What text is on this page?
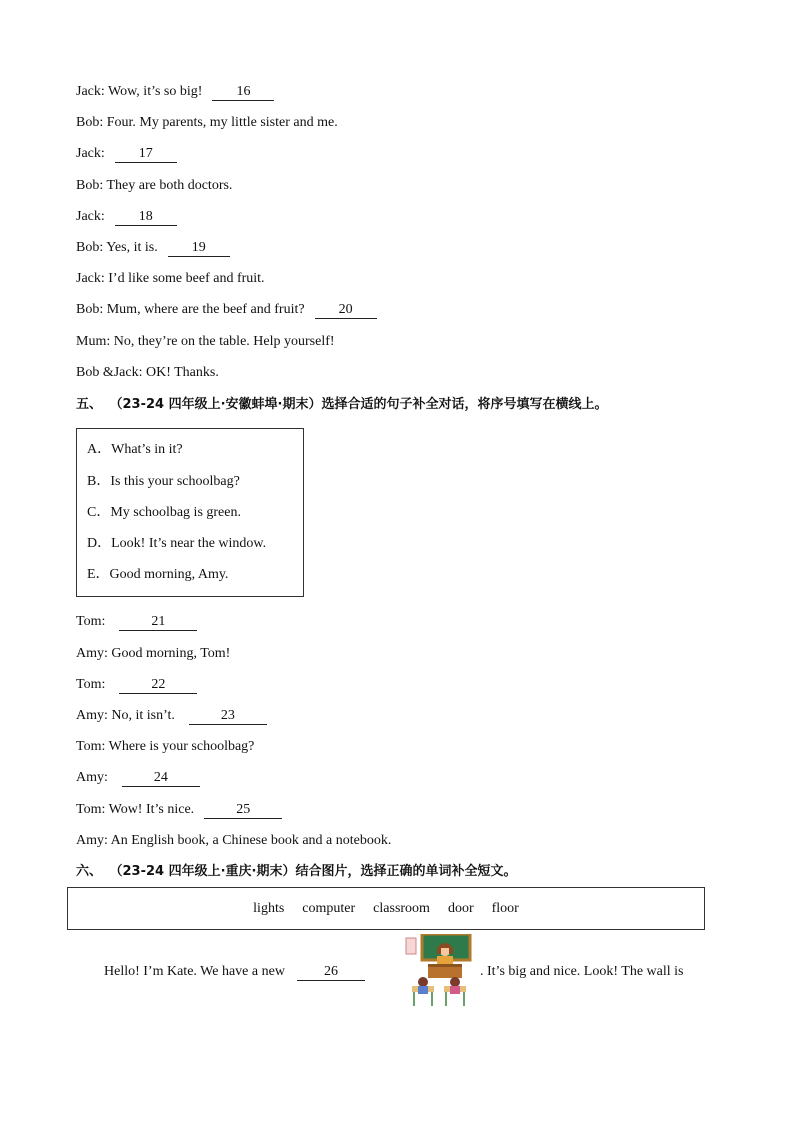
Jack: Wow, it’s so big! 16
Bob: Four. My parents, my little sister and me.
Jack: 17
Bob: They are both doctors.
Jack: 18
Bob: Yes, it is. 19
Jack: I’d like some beef and fruit.
Bob: Mum, where are the beef and fruit? 20
Mum: No, they’re on the table. Help yourself!
Bob &Jack: OK! Thanks.
五、 （23-24 四年级上·安徽蚌埠·期末）选择合适的句子补全对话，将序号填写在横线上。
A．What’s in it?
B．Is this your schoolbag?
C．My schoolbag is green.
D．Look! It’s near the window.
E．Good morning, Amy.
Tom:	21
Amy: Good morning, Tom!
Tom:	22
Amy: No, it isn’t.	23
Tom: Where is your schoolbag?
Amy:	24
Tom: Wow! It’s nice.	25
Amy: An English book, a Chinese book and a notebook.
六、 （23-24 四年级上·重庆·期末）结合图片，选择正确的单词补全短文。
lights computer classroom door floor
Hello! I’m Kate. We have a new	26	. It’s big and nice. Look! The wall is
